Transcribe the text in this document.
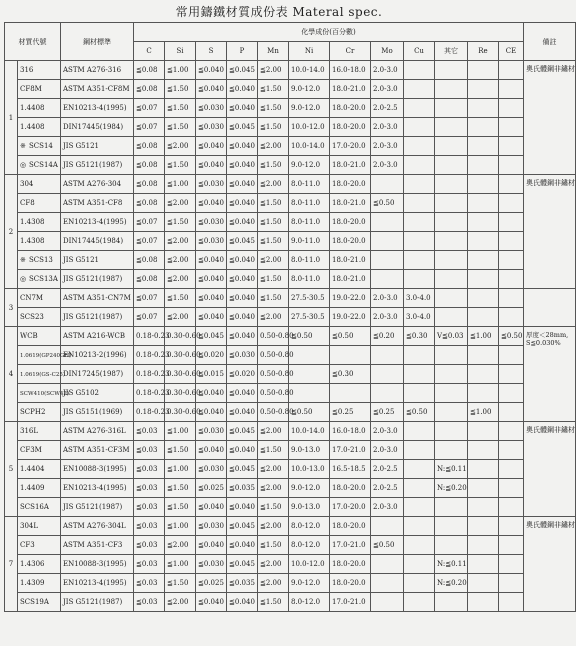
常用鑄鐵材質成份表 Materal spec.
材質代號		鋼材標準	化學成份(百分數)												備註
			C	Si	S	P	Mn	Ni	Cr	Mo	Cu	其它	Re	CE	
1	316	ASTM A276-316	≦0.08	≦1.00	≦0.040	≦0.045	≦2.00	10.0-14.0	16.0-18.0	2.0-3.0					奧氏體鋼非鏽材
	CF8M	ASTM A351-CF8M	≦0.08	≦1.50	≦0.040	≦0.040	≦1.50	9.0-12.0	18.0-21.0	2.0-3.0					
	1.4408	EN10213-4(1995)	≦0.07	≦1.50	≦0.030	≦0.040	≦1.50	9.0-12.0	18.0-20.0	2.0-2.5					
	1.4408	DIN17445(1984)	≦0.07	≦1.50	≦0.030	≦0.045	≦1.50	10.0-12.0	18.0-20.0	2.0-3.0					
	※ SCS14	JIS G5121	≦0.08	≦2.00	≦0.040	≦0.040	≦2.00	10.0-14.0	17.0-20.0	2.0-3.0					
	◎ SCS14A	JIS G5121(1987)	≦0.08	≦1.50	≦0.040	≦0.040	≦1.50	9.0-12.0	18.0-21.0	2.0-3.0					
2	304	ASTM A276-304	≦0.08	≦1.00	≦0.030	≦0.040	≦2.00	8.0-11.0	18.0-20.0						奧氏體鋼非鏽材
	CF8	ASTM A351-CF8	≦0.08	≦2.00	≦0.040	≦0.040	≦1.50	8.0-11.0	18.0-21.0	≦0.50					
	1.4308	EN10213-4(1995)	≦0.07	≦1.50	≦0.030	≦0.040	≦1.50	8.0-11.0	18.0-20.0						
	1.4308	DIN17445(1984)	≦0.07	≦2.00	≦0.030	≦0.045	≦1.50	9.0-11.0	18.0-20.0						
	※ SCS13	JIS G5121	≦0.08	≦2.00	≦0.040	≦0.040	≦2.00	8.0-11.0	18.0-21.0						
	◎ SCS13A	JIS G5121(1987)	≦0.08	≦2.00	≦0.040	≦0.040	≦1.50	8.0-11.0	18.0-21.0						
3	CN7M	ASTM A351-CN7M	≦0.07	≦1.50	≦0.040	≦0.040	≦1.50	27.5-30.5	19.0-22.0	2.0-3.0	3.0-4.0				
	SCS23	JIS G5121(1987)	≦0.07	≦2.00	≦0.040	≦0.040	≦2.00	27.5-30.5	19.0-22.0	2.0-3.0	3.0-4.0				
4	WCB	ASTM A216-WCB	0.18-0.23	0.30-0.60	≦0.045	≦0.040	0.50-0.80	≦0.50	≦0.50	≦0.20	≦0.30	V≦0.03	≦1.00	≦0.50	厚度＜28mm, S≦0.030%
	1.0619(GP240GH)	EN10213-2(1996)	0.18-0.23	0.30-0.60	≦0.020	≦0.030	0.50-0.80								
	1.0619(GS-C25)	DIN17245(1987)	0.18-0.23	0.30-0.60	≦0.015	≦0.020	0.50-0.80		≦0.30						
	SCW410(SCW42)	JIS G5102	0.18-0.23	0.30-0.60	≦0.040	≦0.040	0.50-0.80								
	SCPH2	JIS G5151(1969)	0.18-0.23	0.30-0.60	≦0.040	≦0.040	0.50-0.80	≦0.50	≦0.25	≦0.25	≦0.50		≦1.00		
5	316L	ASTM A276-316L	≦0.03	≦1.00	≦0.030	≦0.045	≦2.00	10.0-14.0	16.0-18.0	2.0-3.0					奧氏體鋼非鏽材
	CF3M	ASTM A351-CF3M	≦0.03	≦1.50	≦0.040	≦0.040	≦1.50	9.0-13.0	17.0-21.0	2.0-3.0					
	1.4404	EN10088-3(1995)	≦0.03	≦1.00	≦0.030	≦0.045	≦2.00	10.0-13.0	16.5-18.5	2.0-2.5		N:≦0.11			
	1.4409	EN10213-4(1995)	≦0.03	≦1.50	≦0.025	≦0.035	≦2.00	9.0-12.0	18.0-20.0	2.0-2.5		N:≦0.20			
	SCS16A	JIS G5121(1987)	≦0.03	≦1.50	≦0.040	≦0.040	≦1.50	9.0-13.0	17.0-20.0	2.0-3.0					
7	304L	ASTM A276-304L	≦0.03	≦1.00	≦0.030	≦0.045	≦2.00	8.0-12.0	18.0-20.0						奧氏體鋼非鏽材
	CF3	ASTM A351-CF3	≦0.03	≦2.00	≦0.040	≦0.040	≦1.50	8.0-12.0	17.0-21.0	≦0.50					
	1.4306	EN10088-3(1995)	≦0.03	≦1.00	≦0.030	≦0.045	≦2.00	10.0-12.0	18.0-20.0			N:≦0.11			
	1.4309	EN10213-4(1995)	≦0.03	≦1.50	≦0.025	≦0.035	≦2.00	9.0-12.0	18.0-20.0			N:≦0.20			
	SCS19A	JIS G5121(1987)	≦0.03	≦2.00	≦0.040	≦0.040	≦1.50	8.0-12.0	17.0-21.0						
